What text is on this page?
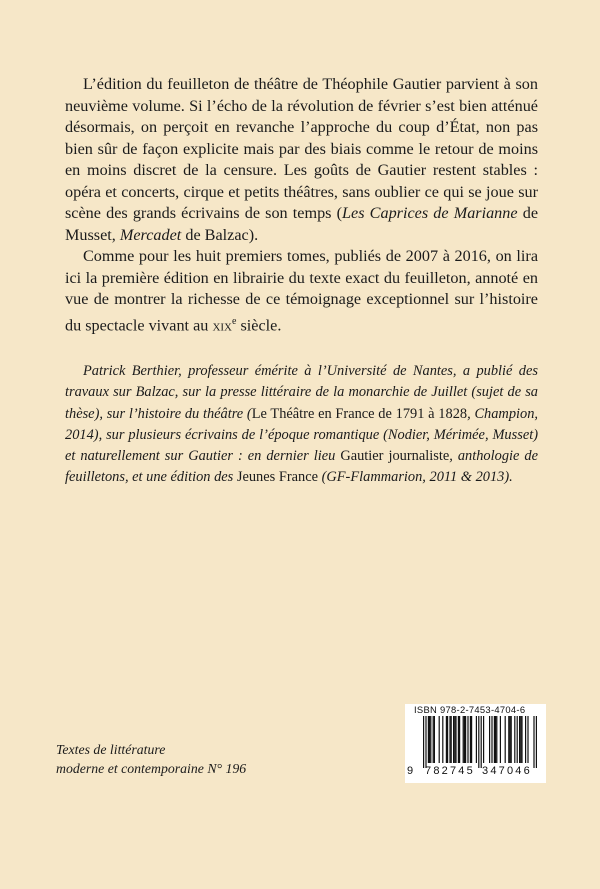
L’édition du feuilleton de théâtre de Théophile Gautier parvient à son neuvième volume. Si l’écho de la révolution de février s’est bien atténué désormais, on perçoit en revanche l’approche du coup d’État, non pas bien sûr de façon explicite mais par des biais comme le retour de moins en moins discret de la censure. Les goûts de Gautier restent stables : opéra et concerts, cirque et petits théâtres, sans oublier ce qui se joue sur scène des grands écrivains de son temps (Les Caprices de Marianne de Musset, Mercadet de Balzac).

Comme pour les huit premiers tomes, publiés de 2007 à 2016, on lira ici la première édition en librairie du texte exact du feuilleton, annoté en vue de montrer la richesse de ce témoignage exceptionnel sur l’histoire du spectacle vivant au xix$^e$ siècle.

Patrick Berthier, professeur émérite à l’Université de Nantes, a publié des travaux sur Balzac, sur la presse littéraire de la monarchie de Juillet (sujet de sa thèse), sur l’histoire du théâtre (Le Théâtre en France de 1791 à 1828, Champion, 2014), sur plusieurs écrivains de l’époque romantique (Nodier, Mérimée, Musset) et naturellement sur Gautier : en dernier lieu Gautier journaliste, anthologie de feuilletons, et une édition des Jeunes France (GF-Flammarion, 2011 & 2013).
Textes de littérature
moderne et contemporaine N° 196
ISBN 978-2-7453-4704-6
9 782745 347046
